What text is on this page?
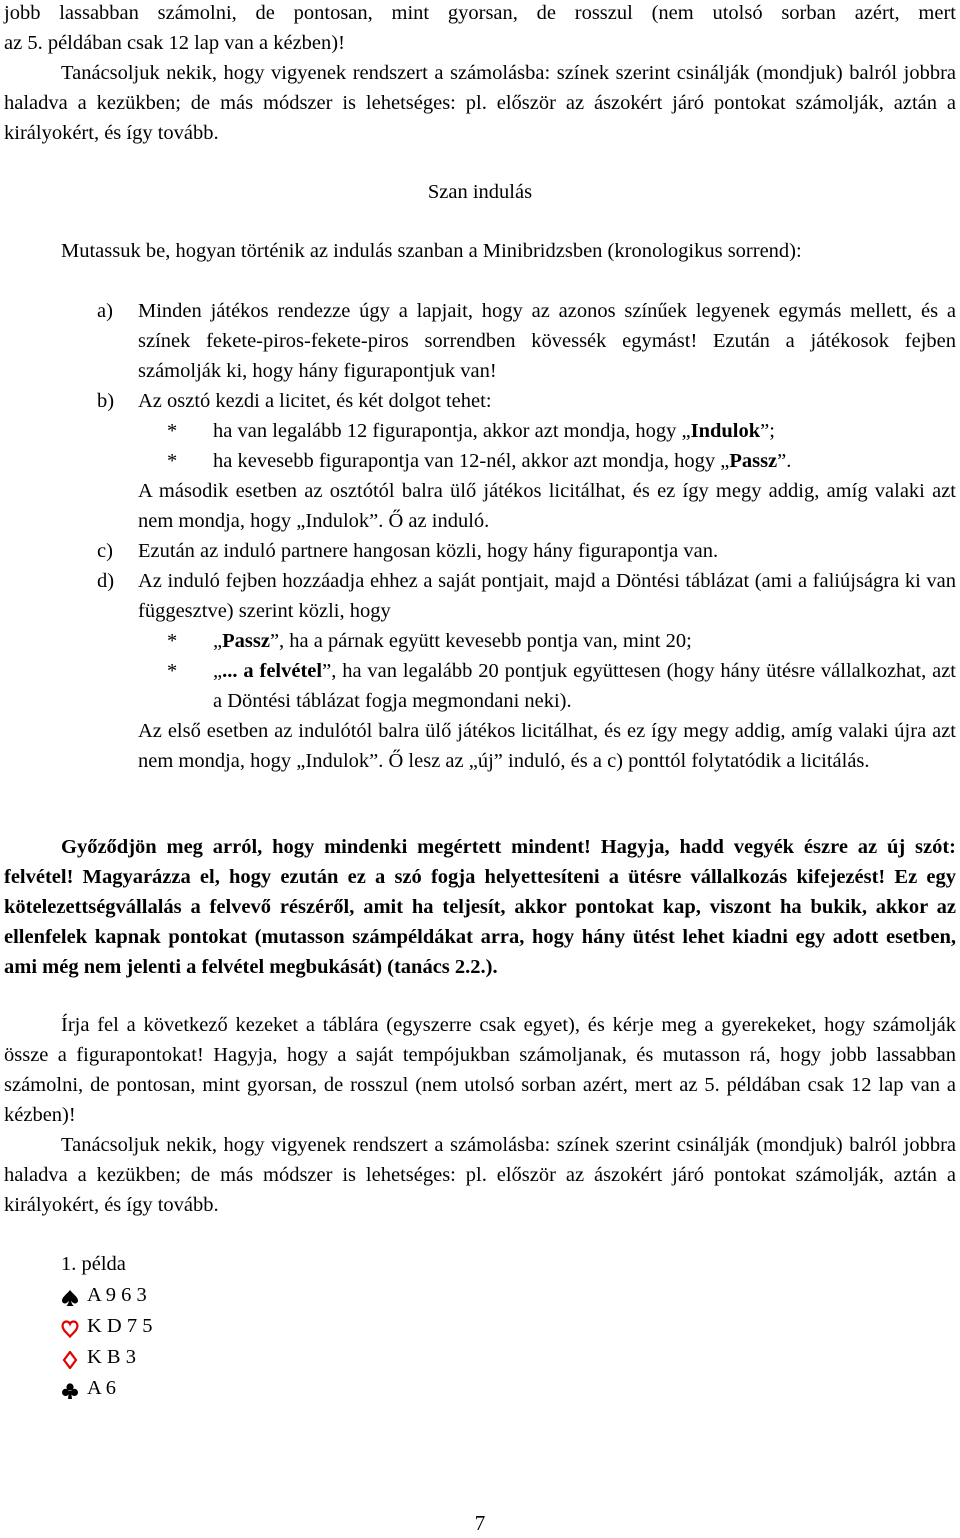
jobb lassabban számolni, de pontosan, mint gyorsan, de rosszul (nem utolsó sorban azért, mert

az 5. példában csak 12 lap van a kézben)!

Tanácsoljuk nekik, hogy vigyenek rendszert a számolásba: színek szerint csinálják (mondjuk) balról jobbra haladva a kezükben; de más módszer is lehetséges: pl. először az ászokért járó pontokat számolják, aztán a királyokért, és így tovább.

Szan indulás

Mutassuk be, hogyan történik az indulás szanban a Minibridzsben (kronologikus sorrend):

a) Minden játékos rendezze úgy a lapjait, hogy az azonos színűek legyenek egymás mellett, és a színek fekete-piros-fekete-piros sorrendben kövessék egymást! Ezután a játékosok fejben számolják ki, hogy hány figurapontjuk van!
b) Az osztó kezdi a licitet, és két dolgot tehet:
* ha van legalább 12 figurapontja, akkor azt mondja, hogy „Indulok”;
* ha kevesebb figurapontja van 12-nél, akkor azt mondja, hogy „Passz”.
A második esetben az osztótól balra ülő játékos licitálhat, és ez így megy addig, amíg valaki azt nem mondja, hogy „Indulok”. Ő az induló.
c) Ezután az induló partnere hangosan közli, hogy hány figurapontja van.
d) Az induló fejben hozzáadja ehhez a saját pontjait, majd a Döntési táblázat (ami a faliújságra ki van függesztve) szerint közli, hogy
* „Passz”, ha a párnak együtt kevesebb pontja van, mint 20;
* „... a felvétel”, ha van legalább 20 pontjuk együttesen (hogy hány ütésre vállalkozhat, azt a Döntési táblázat fogja megmondani neki).
Az első esetben az indulótól balra ülő játékos licitálhat, és ez így megy addig, amíg valaki újra azt nem mondja, hogy „Indulok”. Ő lesz az „új” induló, és a c) ponttól folytatódik a licitálás.

Győződjön meg arról, hogy mindenki megértett mindent! Hagyja, hadd vegyék észre az új szót: felvétel! Magyarázza el, hogy ezután ez a szó fogja helyettesíteni a ütésre vállalkozás kifejezést! Ez egy kötelezettségvállalás a felvevő részéről, amit ha teljesít, akkor pontokat kap, viszont ha bukik, akkor az ellenfelek kapnak pontokat (mutasson számpéldákat arra, hogy hány ütést lehet kiadni egy adott esetben, ami még nem jelenti a felvétel megbukását) (tanács 2.2.).

Írja fel a következő kezeket a táblára (egyszerre csak egyet), és kérje meg a gyerekeket, hogy számolják össze a figurapontokat! Hagyja, hogy a saját tempójukban számoljanak, és mutasson rá, hogy jobb lassabban számolni, de pontosan, mint gyorsan, de rosszul (nem utolsó sorban azért, mert az 5. példában csak 12 lap van a kézben)!

Tanácsoljuk nekik, hogy vigyenek rendszert a számolásba: színek szerint csinálják (mondjuk) balról jobbra haladva a kezükben; de más módszer is lehetséges: pl. először az ászokért járó pontokat számolják, aztán a királyokért, és így tovább.

1. példa
A 9 6 3
K D 7 5
K B 3
A 6
7
